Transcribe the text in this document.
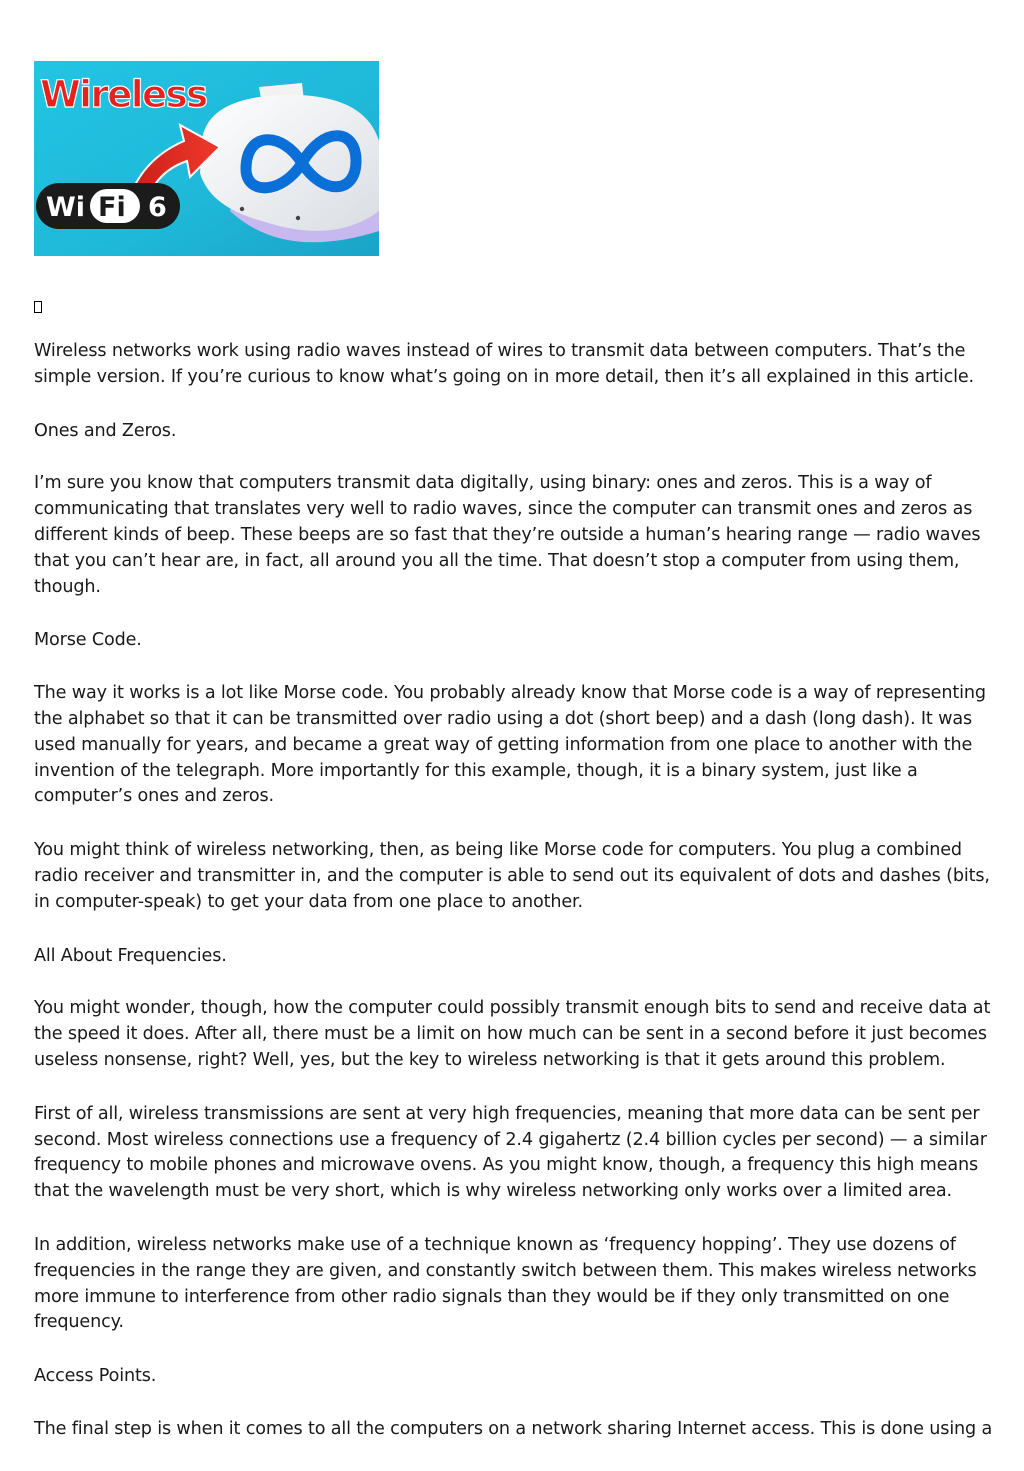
Wireless
Wi Fi 6

Wireless networks work using radio waves instead of wires to transmit data between computers. That’s the simple version. If you’re curious to know what’s going on in more detail, then it’s all explained in this article.

Ones and Zeros.

I’m sure you know that computers transmit data digitally, using binary: ones and zeros. This is a way of communicating that translates very well to radio waves, since the computer can transmit ones and zeros as different kinds of beep. These beeps are so fast that they’re outside a human’s hearing range — radio waves that you can’t hear are, in fact, all around you all the time. That doesn’t stop a computer from using them, though.

Morse Code.

The way it works is a lot like Morse code. You probably already know that Morse code is a way of representing the alphabet so that it can be transmitted over radio using a dot (short beep) and a dash (long dash). It was used manually for years, and became a great way of getting information from one place to another with the invention of the telegraph. More importantly for this example, though, it is a binary system, just like a computer’s ones and zeros.

You might think of wireless networking, then, as being like Morse code for computers. You plug a combined radio receiver and transmitter in, and the computer is able to send out its equivalent of dots and dashes (bits, in computer-speak) to get your data from one place to another.

All About Frequencies.

You might wonder, though, how the computer could possibly transmit enough bits to send and receive data at the speed it does. After all, there must be a limit on how much can be sent in a second before it just becomes useless nonsense, right? Well, yes, but the key to wireless networking is that it gets around this problem.

First of all, wireless transmissions are sent at very high frequencies, meaning that more data can be sent per second. Most wireless connections use a frequency of 2.4 gigahertz (2.4 billion cycles per second) — a similar frequency to mobile phones and microwave ovens. As you might know, though, a frequency this high means that the wavelength must be very short, which is why wireless networking only works over a limited area.

In addition, wireless networks make use of a technique known as ‘frequency hopping’. They use dozens of frequencies in the range they are given, and constantly switch between them. This makes wireless networks more immune to interference from other radio signals than they would be if they only transmitted on one frequency.

Access Points.

The final step is when it comes to all the computers on a network sharing Internet access. This is done using a
